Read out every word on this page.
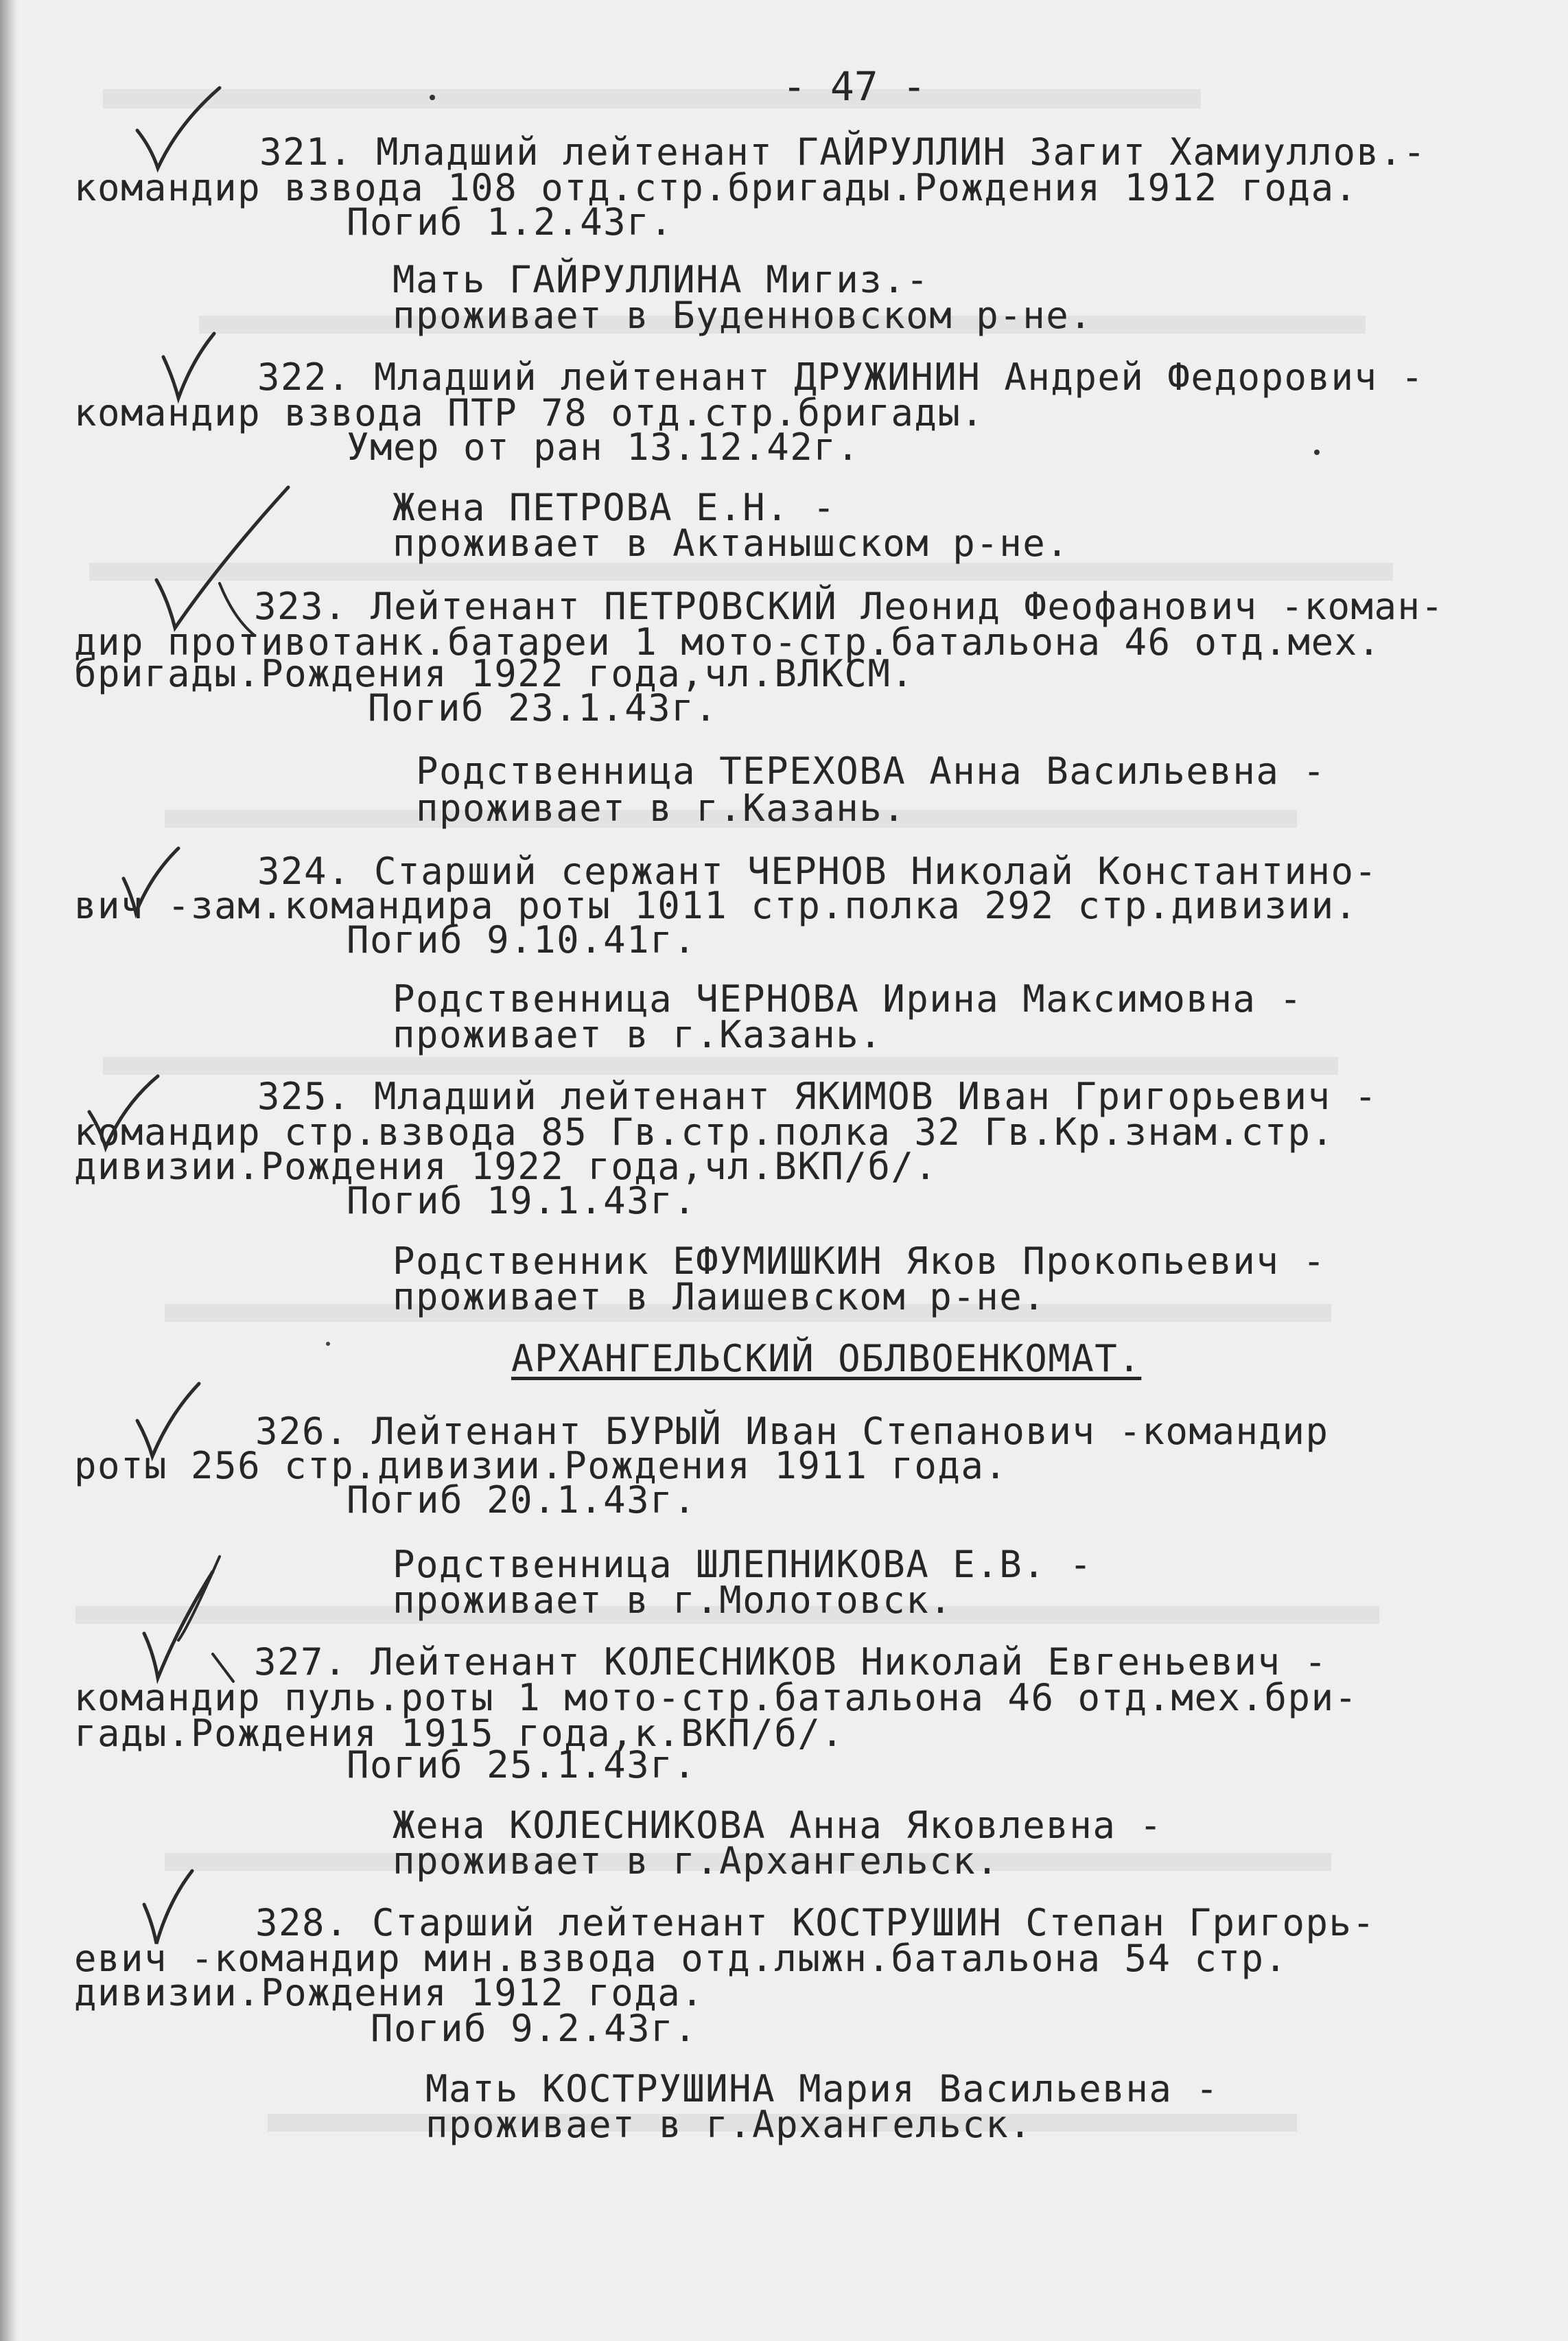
- 47 -
321. Младший лейтенант ГАЙРУЛЛИН Загит Хамиуллов.-
командир взвода 108 отд.стр.бригады.Рождения 1912 года.
Погиб 1.2.43г.
Мать ГАЙРУЛЛИНА Мигиз.-
проживает в Буденновском р-не.
322. Младший лейтенант ДРУЖИНИН Андрей Федорович -
командир взвода ПТР 78 отд.стр.бригады.
Умер от ран 13.12.42г.
Жена ПЕТРОВА Е.Н. -
проживает в Актанышском р-не.
323. Лейтенант ПЕТРОВСКИЙ Леонид Феофанович -коман-
дир противотанк.батареи 1 мото-стр.батальона 46 отд.мех.
бригады.Рождения 1922 года,чл.ВЛКСМ.
Погиб 23.1.43г.
Родственница ТЕРЕХОВА Анна Васильевна -
проживает в г.Казань.
324. Старший сержант ЧЕРНОВ Николай Константино-
вич -зам.командира роты 1011 стр.полка 292 стр.дивизии.
Погиб 9.10.41г.
Родственница ЧЕРНОВА Ирина Максимовна -
проживает в г.Казань.
325. Младший лейтенант ЯКИМОВ Иван Григорьевич -
командир стр.взвода 85 Гв.стр.полка 32 Гв.Кр.знам.стр.
дивизии.Рождения 1922 года,чл.ВКП/б/.
Погиб 19.1.43г.
Родственник ЕФУМИШКИН Яков Прокопьевич -
проживает в Лаишевском р-не.
АРХАНГЕЛЬСКИЙ ОБЛВОЕНКОМАТ.
326. Лейтенант БУРЫЙ Иван Степанович -командир
роты 256 стр.дивизии.Рождения 1911 года.
Погиб 20.1.43г.
Родственница ШЛЕПНИКОВА Е.В. -
проживает в г.Молотовск.
327. Лейтенант КОЛЕСНИКОВ Николай Евгеньевич -
командир пуль.роты 1 мото-стр.батальона 46 отд.мех.бри-
гады.Рождения 1915 года,к.ВКП/б/.
Погиб 25.1.43г.
Жена КОЛЕСНИКОВА Анна Яковлевна -
проживает в г.Архангельск.
328. Старший лейтенант КОСТРУШИН Степан Григорь-
евич -командир мин.взвода отд.лыжн.батальона 54 стр.
дивизии.Рождения 1912 года.
Погиб 9.2.43г.
Мать КОСТРУШИНА Мария Васильевна -
проживает в г.Архангельск.
